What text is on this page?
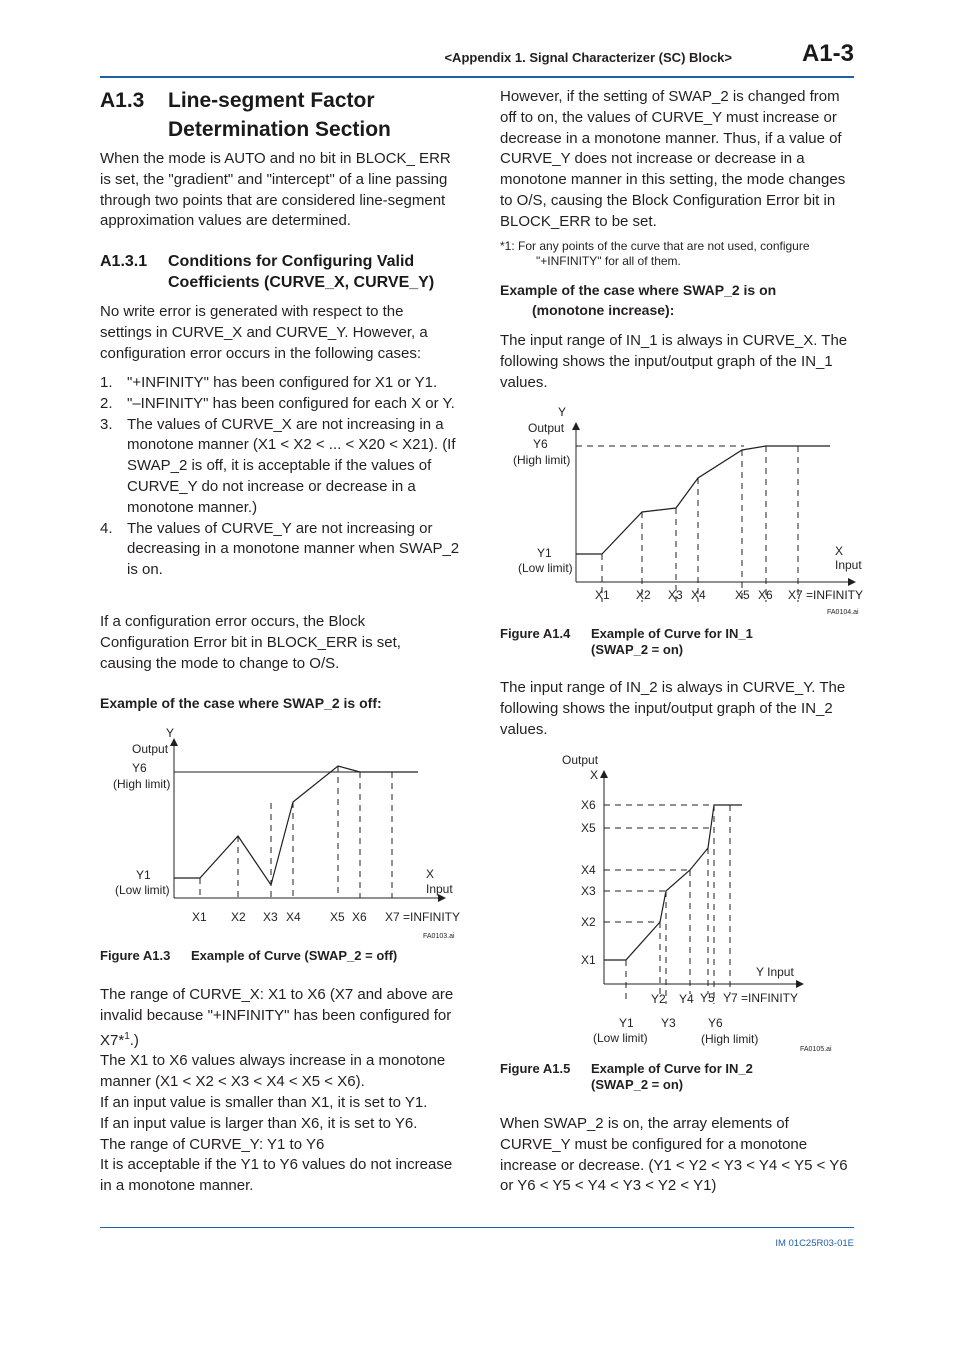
<Appendix 1. Signal Characterizer (SC) Block>	A1-3
A1.3 Line-segment Factor Determination Section
When the mode is AUTO and no bit in BLOCK_ ERR is set, the "gradient" and "intercept" of a line passing through two points that are considered line-segment approximation values are determined.
A1.3.1 Conditions for Configuring Valid Coefficients (CURVE_X, CURVE_Y)
No write error is generated with respect to the settings in CURVE_X and CURVE_Y. However, a configuration error occurs in the following cases:
1. "+INFINITY" has been configured for X1 or Y1.
2. "–INFINITY" has been configured for each X or Y.
3. The values of CURVE_X are not increasing in a monotone manner (X1 < X2 < ... < X20 < X21). (If SWAP_2 is off, it is acceptable if the values of CURVE_Y do not increase or decrease in a monotone manner.)
4. The values of CURVE_Y are not increasing or decreasing in a monotone manner when SWAP_2 is on.
If a configuration error occurs, the Block Configuration Error bit in BLOCK_ERR is set, causing the mode to change to O/S.
Example of the case where SWAP_2 is off:
Y
Output
Y6
(High limit)
Y1
(Low limit)
X
Input
X1 X2 X3 X4 X5 X6 X7 =INFINITY
FA0103.ai
Figure A1.3 Example of Curve (SWAP_2 = off)
The range of CURVE_X: X1 to X6 (X7 and above are invalid because "+INFINITY" has been configured for X7*$^1$.)
The X1 to X6 values always increase in a monotone manner (X1 < X2 < X3 < X4 < X5 < X6).
If an input value is smaller than X1, it is set to Y1.
If an input value is larger than X6, it is set to Y6.
The range of CURVE_Y: Y1 to Y6
It is acceptable if the Y1 to Y6 values do not increase in a monotone manner.
However, if the setting of SWAP_2 is changed from off to on, the values of CURVE_Y must increase or decrease in a monotone manner. Thus, if a value of CURVE_Y does not increase or decrease in a monotone manner in this setting, the mode changes to O/S, causing the Block Configuration Error bit in BLOCK_ERR to be set.
*1: For any points of the curve that are not used, configure
"+INFINITY" for all of them.
Example of the case where SWAP_2 is on
(monotone increase):
The input range of IN_1 is always in CURVE_X. The following shows the input/output graph of the IN_1 values.
Y
Output
Y6
(High limit)
Y1
(Low limit)
X
Input
X1 X2 X3 X4 X5 X6 X7 =INFINITY
FA0104.ai
Figure A1.4 Example of Curve for IN_1
(SWAP_2 = on)
The input range of IN_2 is always in CURVE_Y. The following shows the input/output graph of the IN_2 values.
Output
X
X6
X5
X4
X3
X2
X1
Y Input
Y2 Y4 Y5 Y7 =INFINITY
Y1 Y3	Y6
(Low limit)	(High limit)
FA0105.ai
Figure A1.5 Example of Curve for IN_2
(SWAP_2 = on)
When SWAP_2 is on, the array elements of CURVE_Y must be configured for a monotone increase or decrease. (Y1 < Y2 < Y3 < Y4 < Y5 < Y6 or Y6 < Y5 < Y4 < Y3 < Y2 < Y1)
IM 01C25R03-01E
